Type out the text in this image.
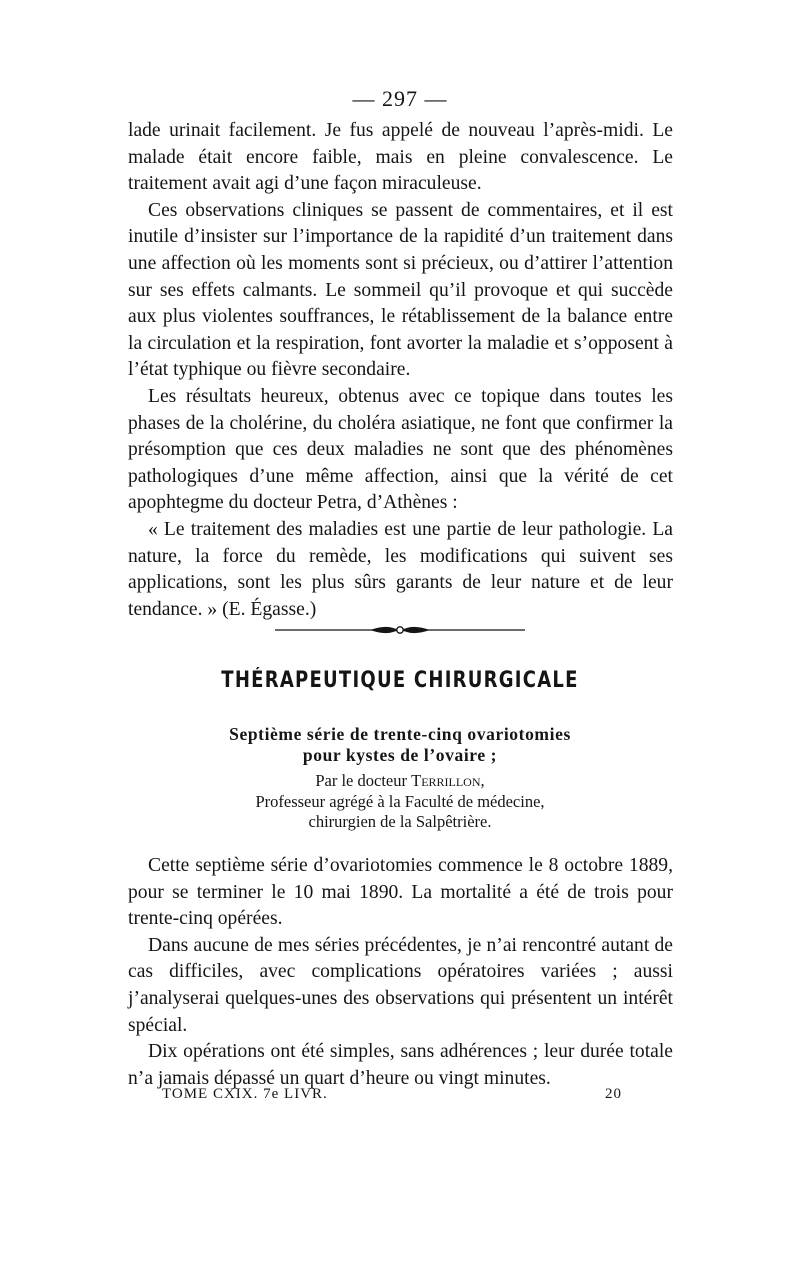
— 297 —

lade urinait facilement. Je fus appelé de nouveau l’après-midi. Le malade était encore faible, mais en pleine convalescence. Le traitement avait agi d’une façon miraculeuse.

Ces observations cliniques se passent de commentaires, et il est inutile d’insister sur l’importance de la rapidité d’un traitement dans une affection où les moments sont si précieux, ou d’attirer l’attention sur ses effets calmants. Le sommeil qu’il provoque et qui succède aux plus violentes souffrances, le rétablissement de la balance entre la circulation et la respiration, font avorter la maladie et s’opposent à l’état typhique ou fièvre secondaire.

Les résultats heureux, obtenus avec ce topique dans toutes les phases de la cholérine, du choléra asiatique, ne font que confirmer la présomption que ces deux maladies ne sont que des phénomènes pathologiques d’une même affection, ainsi que la vérité de cet apophtegme du docteur Petra, d’Athènes :

« Le traitement des maladies est une partie de leur pathologie. La nature, la force du remède, les modifications qui suivent ses applications, sont les plus sûrs garants de leur nature et de leur tendance. » (E. Égasse.)

THÉRAPEUTIQUE CHIRURGICALE
Septième série de trente-cinq ovariotomies
pour kystes de l’ovaire ;
Par le docteur Terrillon,
Professeur agrégé à la Faculté de médecine,
chirurgien de la Salpêtrière.

Cette septième série d’ovariotomies commence le 8 octobre 1889, pour se terminer le 10 mai 1890. La mortalité a été de trois pour trente-cinq opérées.

Dans aucune de mes séries précédentes, je n’ai rencontré autant de cas difficiles, avec complications opératoires variées ; aussi j’analyserai quelques-unes des observations qui présentent un intérêt spécial.

Dix opérations ont été simples, sans adhérences ; leur durée totale n’a jamais dépassé un quart d’heure ou vingt minutes.

TOME CXIX. 7e LIVR.	20
